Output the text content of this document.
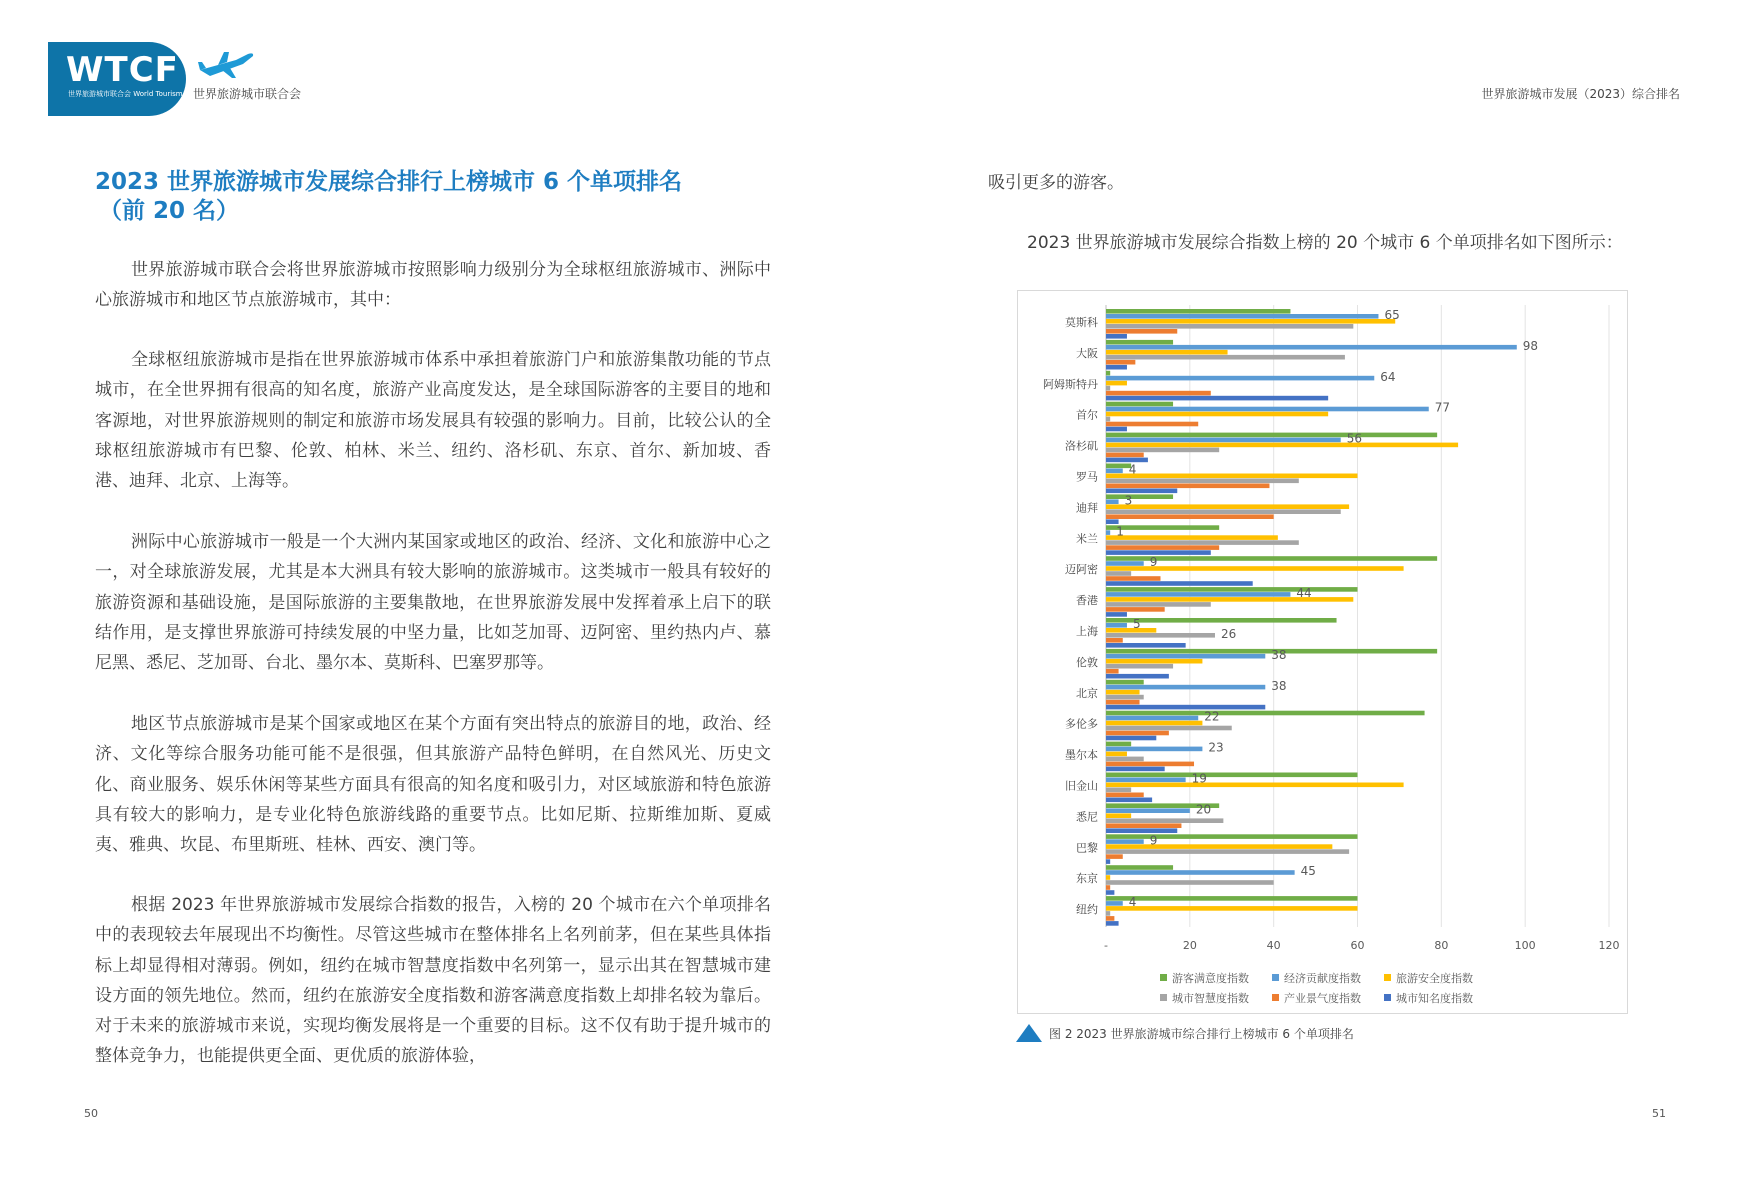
WTCF
世界旅游城市联合会 World Tourism Cities Federation
世界旅游城市联合会	世界旅游城市发展（2023）综合排名
2023 世界旅游城市发展综合排行上榜城市 6 个单项排名
（前 20 名）
世界旅游城市联合会将世界旅游城市按照影响力级别分为全球枢纽旅游城市、洲际中心旅游城市和地区节点旅游城市，其中：
全球枢纽旅游城市是指在世界旅游城市体系中承担着旅游门户和旅游集散功能的节点城市，在全世界拥有很高的知名度，旅游产业高度发达，是全球国际游客的主要目的地和客源地，对世界旅游规则的制定和旅游市场发展具有较强的影响力。目前，比较公认的全球枢纽旅游城市有巴黎、伦敦、柏林、米兰、纽约、洛杉矶、东京、首尔、新加坡、香港、迪拜、北京、上海等。
洲际中心旅游城市一般是一个大洲内某国家或地区的政治、经济、文化和旅游中心之一，对全球旅游发展，尤其是本大洲具有较大影响的旅游城市。这类城市一般具有较好的旅游资源和基础设施，是国际旅游的主要集散地，在世界旅游发展中发挥着承上启下的联结作用，是支撑世界旅游可持续发展的中坚力量，比如芝加哥、迈阿密、里约热内卢、慕尼黑、悉尼、芝加哥、台北、墨尔本、莫斯科、巴塞罗那等。
地区节点旅游城市是某个国家或地区在某个方面有突出特点的旅游目的地，政治、经济、文化等综合服务功能可能不是很强，但其旅游产品特色鲜明，在自然风光、历史文化、商业服务、娱乐休闲等某些方面具有很高的知名度和吸引力，对区域旅游和特色旅游具有较大的影响力，是专业化特色旅游线路的重要节点。比如尼斯、拉斯维加斯、夏威夷、雅典、坎昆、布里斯班、桂林、西安、澳门等。
根据 2023 年世界旅游城市发展综合指数的报告，入榜的 20 个城市在六个单项排名中的表现较去年展现出不均衡性。尽管这些城市在整体排名上名列前茅，但在某些具体指标上却显得相对薄弱。例如，纽约在城市智慧度指数中名列第一，显示出其在智慧城市建设方面的领先地位。然而，纽约在旅游安全度指数和游客满意度指数上却排名较为靠后。对于未来的旅游城市来说，实现均衡发展将是一个重要的目标。这不仅有助于提升城市的整体竞争力，也能提供更全面、更优质的旅游体验，
50
吸引更多的游客。
2023 世界旅游城市发展综合指数上榜的 20 个城市 6 个单项排名如下图所示：
-	20	40	60	80	100	120
莫斯科
65
大阪
98
阿姆斯特丹
64
首尔
77
洛杉矶
56
罗马
4
迪拜
3
米兰
1
迈阿密
9
香港
44
上海
5
26
伦敦
38
北京
38
多伦多
22
墨尔本
23
旧金山
19
悉尼
20
巴黎
9
东京
45
纽约
4
游客满意度指数	经济贡献度指数	旅游安全度指数
城市智慧度指数	产业景气度指数	城市知名度指数
图 2 2023 世界旅游城市综合排行上榜城市 6 个单项排名
51
